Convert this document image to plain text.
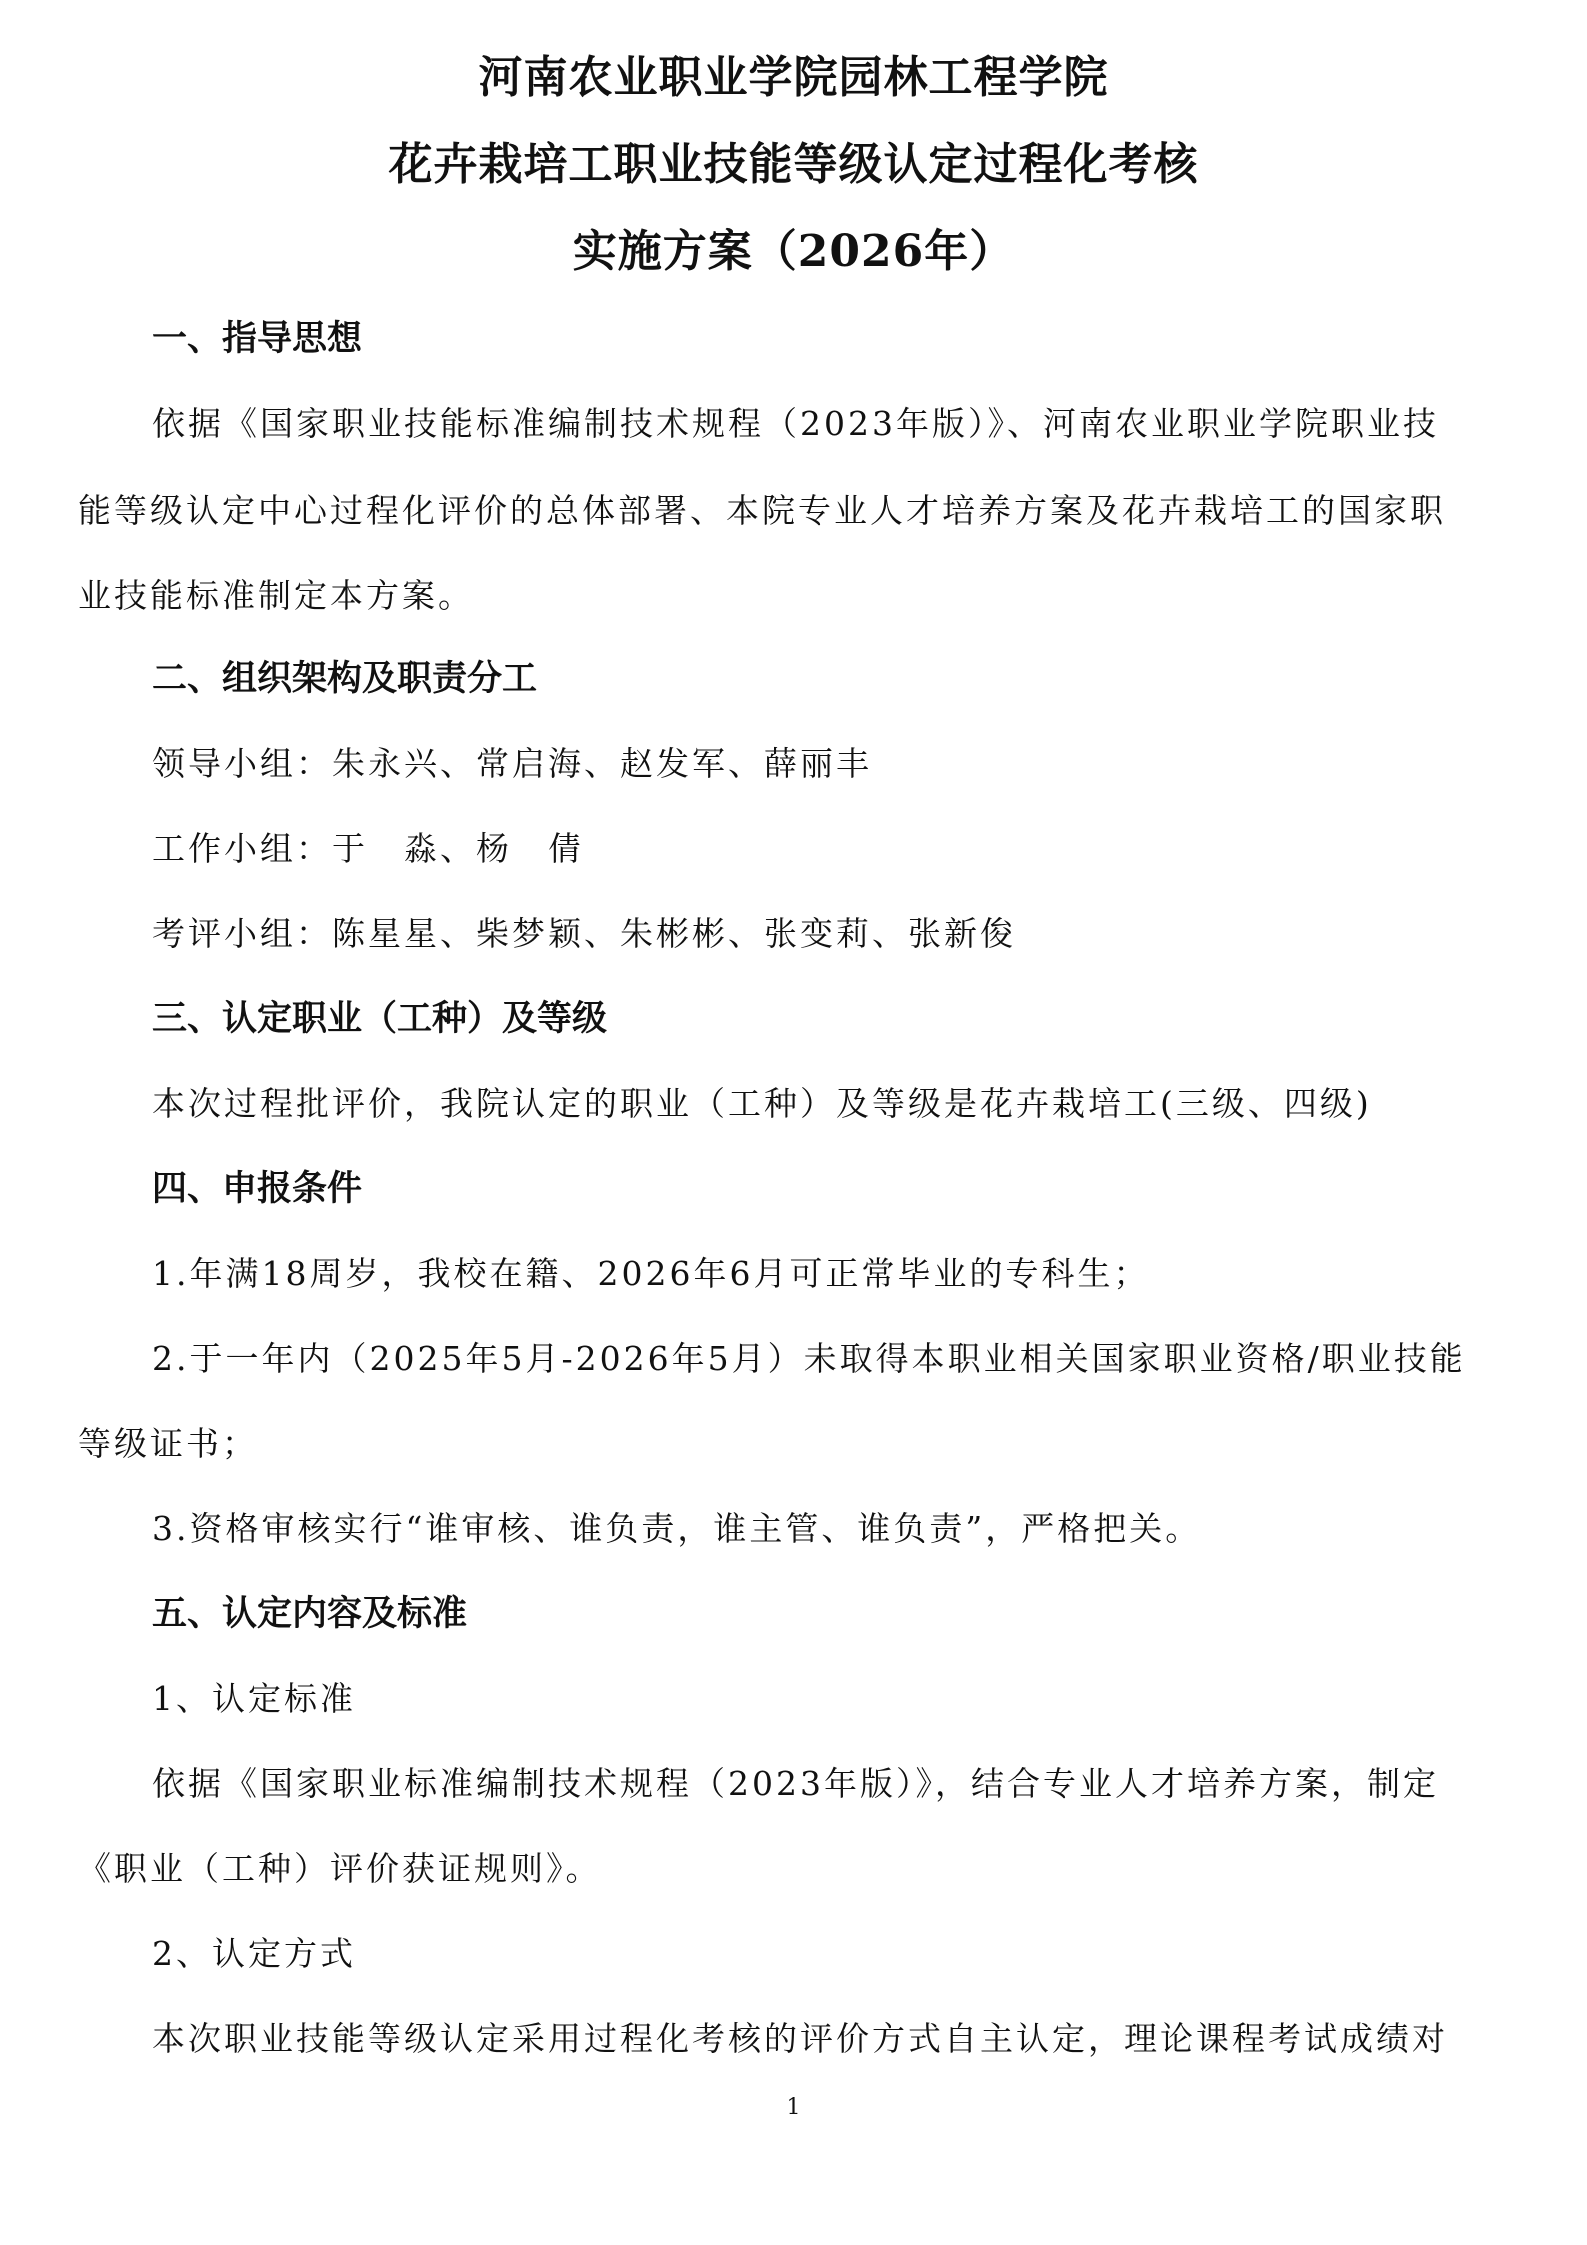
河南农业职业学院园林工程学院
花卉栽培工职业技能等级认定过程化考核
实施方案（2026年）
一、指导思想
依据《国家职业技能标准编制技术规程（2023年版）》、河南农业职业学院职业技
能等级认定中心过程化评价的总体部署、本院专业人才培养方案及花卉栽培工的国家职
业技能标准制定本方案。
二、组织架构及职责分工
领导小组：朱永兴、常启海、赵发军、薛丽丰
工作小组：于　淼、杨　倩
考评小组：陈星星、柴梦颖、朱彬彬、张变莉、张新俊
三、认定职业（工种）及等级
本次过程批评价，我院认定的职业（工种）及等级是花卉栽培工(三级、四级)
四、申报条件
1.年满18周岁，我校在籍、2026年6月可正常毕业的专科生；
2.于一年内（2025年5月-2026年5月）未取得本职业相关国家职业资格/职业技能
等级证书；
3.资格审核实行“谁审核、谁负责，谁主管、谁负责”，严格把关。
五、认定内容及标准
1、认定标准
依据《国家职业标准编制技术规程（2023年版）》，结合专业人才培养方案，制定
《职业（工种）评价获证规则》。
2、认定方式
本次职业技能等级认定采用过程化考核的评价方式自主认定，理论课程考试成绩对
1
